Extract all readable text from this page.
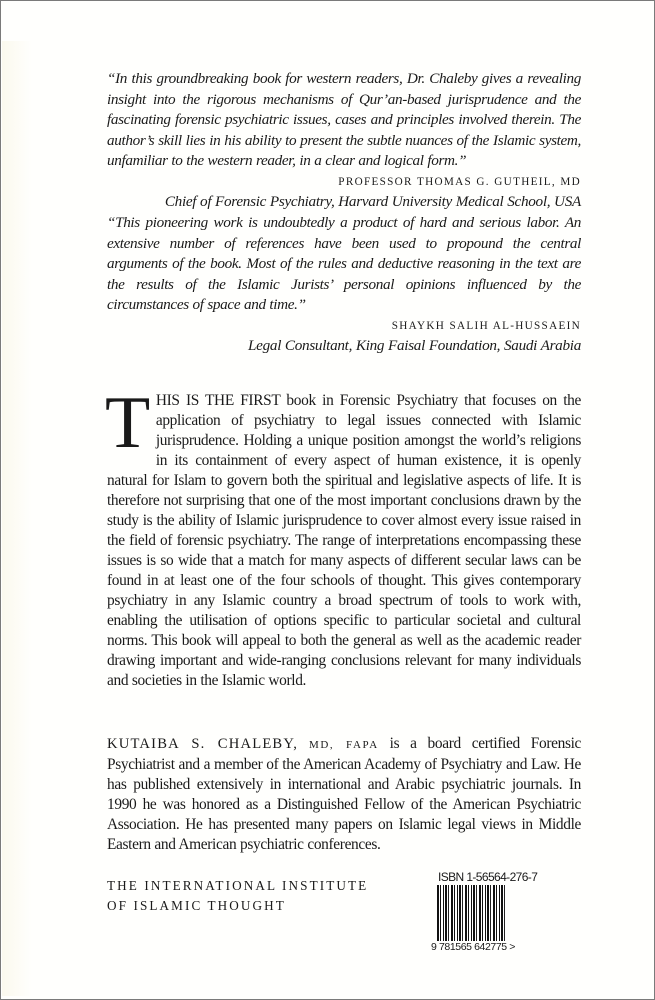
“In this groundbreaking book for western readers, Dr. Chaleby gives a revealing insight into the rigorous mechanisms of Qur’an-based jurisprudence and the fascinating forensic psychiatric issues, cases and principles involved therein. The author’s skill lies in his ability to present the subtle nuances of the Islamic system, unfamiliar to the western reader, in a clear and logical form.”
PROFESSOR THOMAS G. GUTHEIL, MD
Chief of Forensic Psychiatry, Harvard University Medical School, USA
“This pioneering work is undoubtedly a product of hard and serious labor. An extensive number of references have been used to propound the central arguments of the book. Most of the rules and deductive reasoning in the text are the results of the Islamic Jurists’ personal opinions influenced by the circumstances of space and time.”
SHAYKH SALIH AL-HUSSAEIN
Legal Consultant, King Faisal Foundation, Saudi Arabia
THIS IS THE FIRST book in Forensic Psychiatry that focuses on the application of psychiatry to legal issues connected with Islamic jurisprudence. Holding a unique position amongst the world’s religions in its containment of every aspect of human existence, it is openly natural for Islam to govern both the spiritual and legislative aspects of life. It is therefore not surprising that one of the most important conclusions drawn by the study is the ability of Islamic jurisprudence to cover almost every issue raised in the field of forensic psychiatry. The range of interpretations encompassing these issues is so wide that a match for many aspects of different secular laws can be found in at least one of the four schools of thought. This gives contemporary psychiatry in any Islamic country a broad spectrum of tools to work with, enabling the utilisation of options specific to particular societal and cultural norms. This book will appeal to both the general as well as the academic reader drawing important and wide-ranging conclusions relevant for many individuals and societies in the Islamic world.
KUTAIBA S. CHALEBY, MD, FAPA is a board certified Forensic Psychiatrist and a member of the American Academy of Psychiatry and Law. He has published extensively in international and Arabic psychiatric journals. In 1990 he was honored as a Distinguished Fellow of the American Psychiatric Association. He has presented many papers on Islamic legal views in Middle Eastern and American psychiatric conferences.
THE INTERNATIONAL INSTITUTE
OF ISLAMIC THOUGHT
ISBN 1-56564-276-7
9 781565 642775 >
